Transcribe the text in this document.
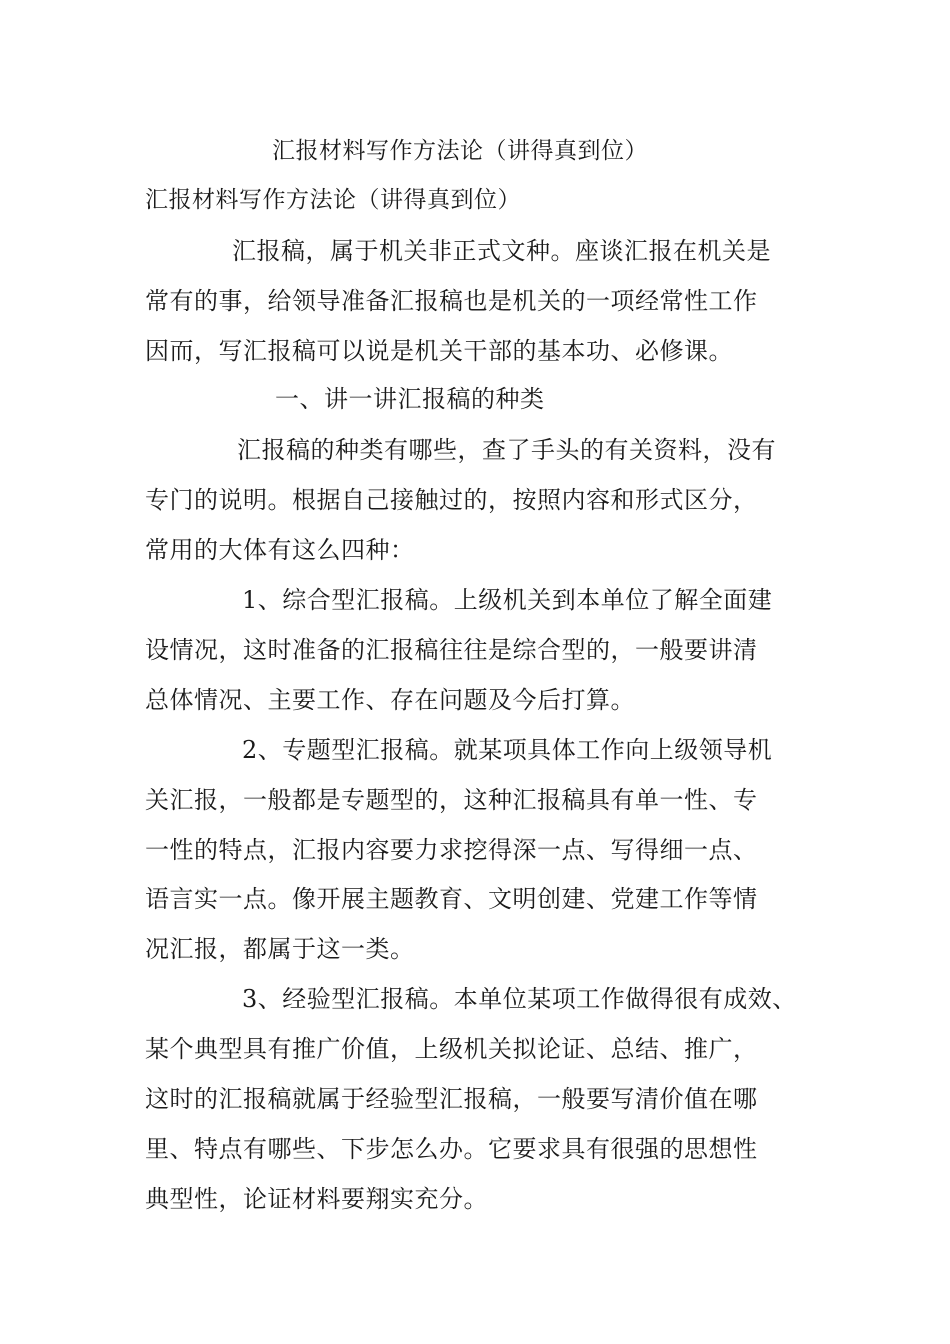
汇报材料写作方法论（讲得真到位）
汇报材料写作方法论（讲得真到位）
汇报稿，属于机关非正式文种。座谈汇报在机关是
常有的事，给领导准备汇报稿也是机关的一项经常性工作
因而，写汇报稿可以说是机关干部的基本功、必修课。
一、讲一讲汇报稿的种类
汇报稿的种类有哪些，查了手头的有关资料，没有
专门的说明。根据自己接触过的，按照内容和形式区分，
常用的大体有这么四种：
1、综合型汇报稿。上级机关到本单位了解全面建
设情况，这时准备的汇报稿往往是综合型的，一般要讲清
总体情况、主要工作、存在问题及今后打算。
2、专题型汇报稿。就某项具体工作向上级领导机
关汇报，一般都是专题型的，这种汇报稿具有单一性、专
一性的特点，汇报内容要力求挖得深一点、写得细一点、
语言实一点。像开展主题教育、文明创建、党建工作等情
况汇报，都属于这一类。
3、经验型汇报稿。本单位某项工作做得很有成效、
某个典型具有推广价值，上级机关拟论证、总结、推广，
这时的汇报稿就属于经验型汇报稿，一般要写清价值在哪
里、特点有哪些、下步怎么办。它要求具有很强的思想性
典型性，论证材料要翔实充分。
